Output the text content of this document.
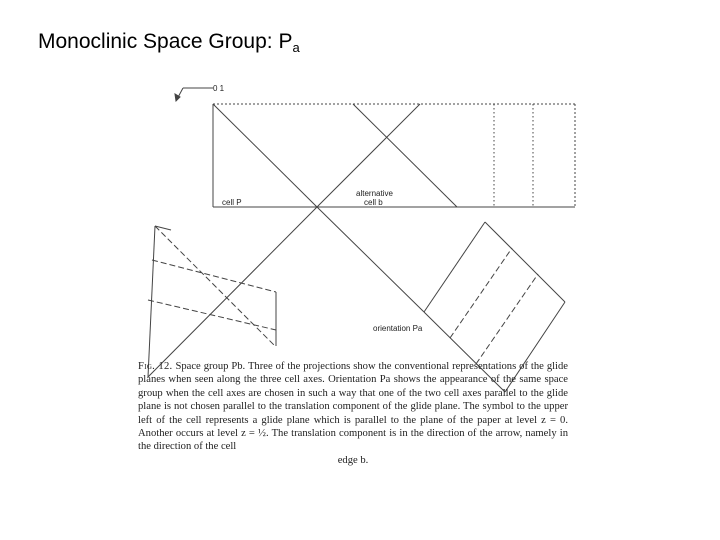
Monoclinic Space Group: $P_a$
0 1
cell P
alternative
cell b
orientation Pa
Fig. 12. Space group Pb. Three of the projections show the conventional representations of the glide planes when seen along the three cell axes. Orientation Pa shows the appearance of the same space group when the cell axes are chosen in such a way that one of the two cell axes parallel to the glide plane is not chosen parallel to the translation component of the glide plane. The symbol to the upper left of the cell represents a glide plane which is parallel to the plane of the paper at level z = 0. Another occurs at level z = ½. The translation component is in the direction of the arrow, namely in the direction of the cell
edge b.
